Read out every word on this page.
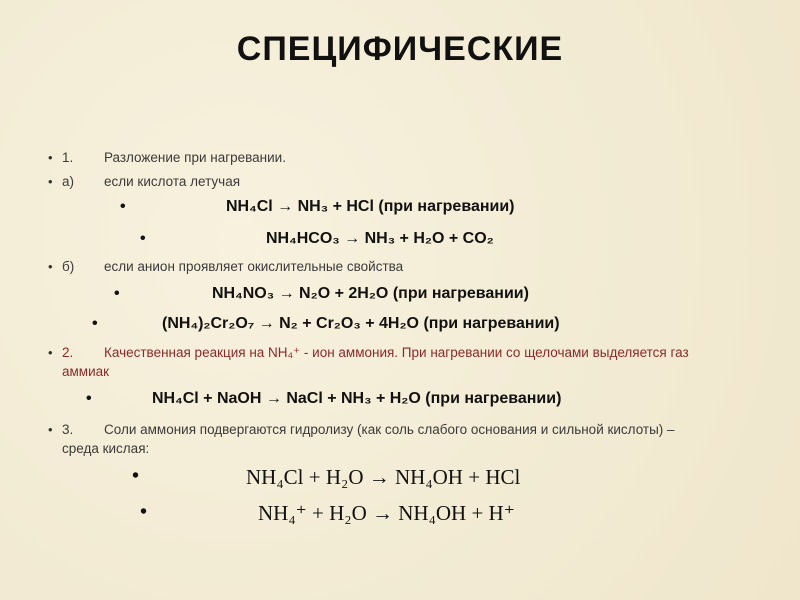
СПЕЦИФИЧЕСКИЕ
• 1. Разложение при нагревании.
• а) если кислота летучая
•	NH₄Cl → NH₃ + HCl (при нагревании)
•	NH₄HCO₃ → NH₃ + H₂O + CO₂
• б) если анион проявляет окислительные свойства
•	NH₄NO₃ → N₂O + 2H₂O (при нагревании)
•	(NH₄)₂Cr₂O₇ → N₂ + Cr₂O₃ + 4H₂O (при нагревании)
• 2. Качественная реакция на NH₄⁺ - ион аммония. При нагревании со щелочами выделяется газ аммиак
•	NH₄Cl + NaOH → NaCl + NH₃ + H₂O (при нагревании)
• 3. Соли аммония подвергаются гидролизу (как соль слабого основания и сильной кислоты) – среда кислая:
•	NH₄Cl + H₂O → NH₄OH + HCl
•	NH₄⁺ + H₂O → NH₄OH + H⁺
